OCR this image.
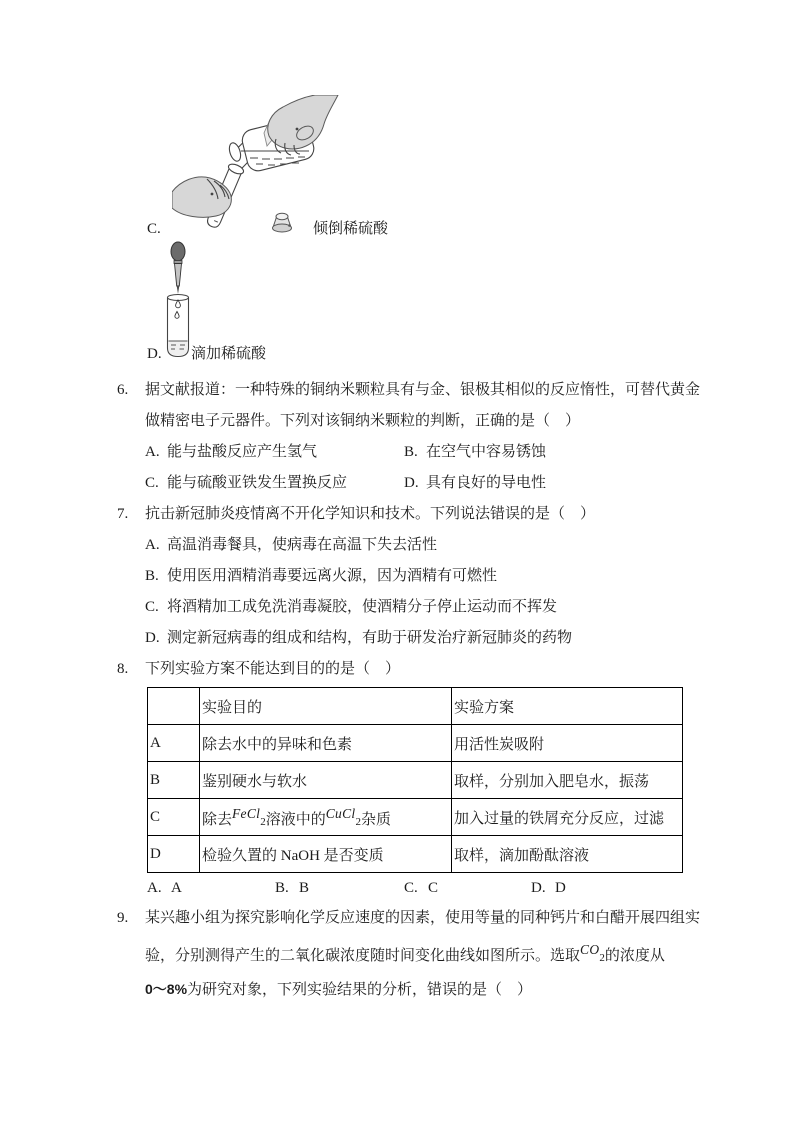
C.	倾倒稀硫酸
D. 滴加稀硫酸
6. 据文献报道：一种特殊的铜纳米颗粒具有与金、银极其相似的反应惰性，可替代黄金
做精密电子元器件。下列对该铜纳米颗粒的判断，正确的是（　）
A. 能与盐酸反应产生氢气	B. 在空气中容易锈蚀
C. 能与硫酸亚铁发生置换反应	D. 具有良好的导电性
7. 抗击新冠肺炎疫情离不开化学知识和技术。下列说法错误的是（　）
A. 高温消毒餐具，使病毒在高温下失去活性
B. 使用医用酒精消毒要远离火源，因为酒精有可燃性
C. 将酒精加工成免洗消毒凝胶，使酒精分子停止运动而不挥发
D. 测定新冠病毒的组成和结构，有助于研发治疗新冠肺炎的药物
8. 下列实验方案不能达到目的的是（　）
	实验目的	实验方案
A	除去水中的异味和色素	用活性炭吸附
B	鉴别硬水与软水	取样，分别加入肥皂水，振荡
C	除去FeCl2溶液中的CuCl2杂质	加入过量的铁屑充分反应，过滤
D	检验久置的 NaOH 是否变质	取样，滴加酚酞溶液
A. A	B. B	C. C	D. D
9. 某兴趣小组为探究影响化学反应速度的因素，使用等量的同种钙片和白醋开展四组实
验，分别测得产生的二氧化碳浓度随时间变化曲线如图所示。选取CO2的浓度从
0～8%为研究对象，下列实验结果的分析，错误的是（　）
